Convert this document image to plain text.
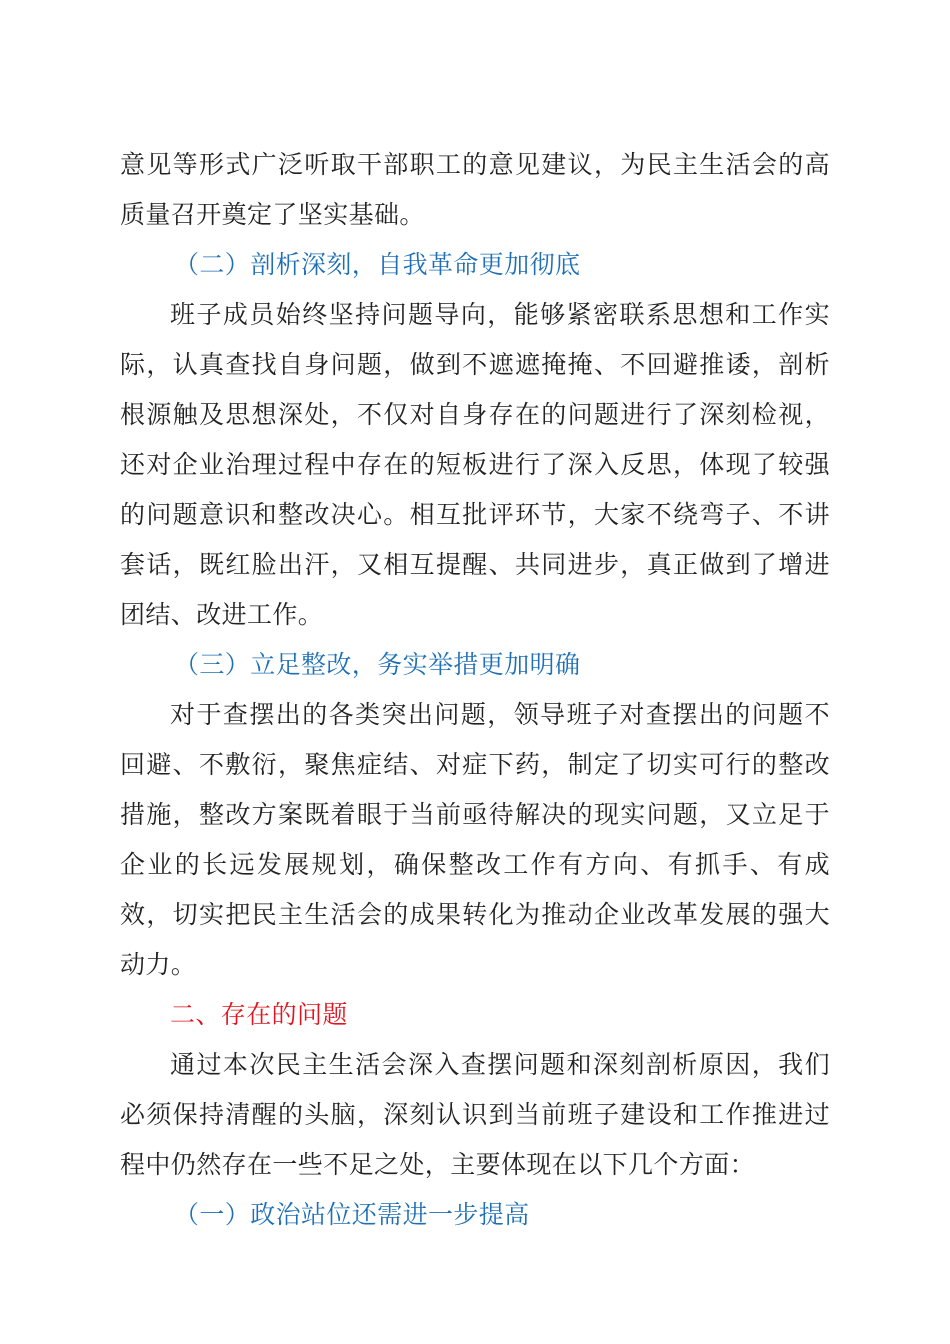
意见等形式广泛听取干部职工的意见建议，为民主生活会的高质量召开奠定了坚实基础。

（二）剖析深刻，自我革命更加彻底

班子成员始终坚持问题导向，能够紧密联系思想和工作实际，认真查找自身问题，做到不遮遮掩掩、不回避推诿，剖析根源触及思想深处，不仅对自身存在的问题进行了深刻检视，还对企业治理过程中存在的短板进行了深入反思，体现了较强的问题意识和整改决心。相互批评环节，大家不绕弯子、不讲套话，既红脸出汗，又相互提醒、共同进步，真正做到了增进团结、改进工作。

（三）立足整改，务实举措更加明确

对于查摆出的各类突出问题，领导班子对查摆出的问题不回避、不敷衍，聚焦症结、对症下药，制定了切实可行的整改措施，整改方案既着眼于当前亟待解决的现实问题，又立足于企业的长远发展规划，确保整改工作有方向、有抓手、有成效，切实把民主生活会的成果转化为推动企业改革发展的强大动力。

二、存在的问题

通过本次民主生活会深入查摆问题和深刻剖析原因，我们必须保持清醒的头脑，深刻认识到当前班子建设和工作推进过程中仍然存在一些不足之处，主要体现在以下几个方面：

（一）政治站位还需进一步提高
